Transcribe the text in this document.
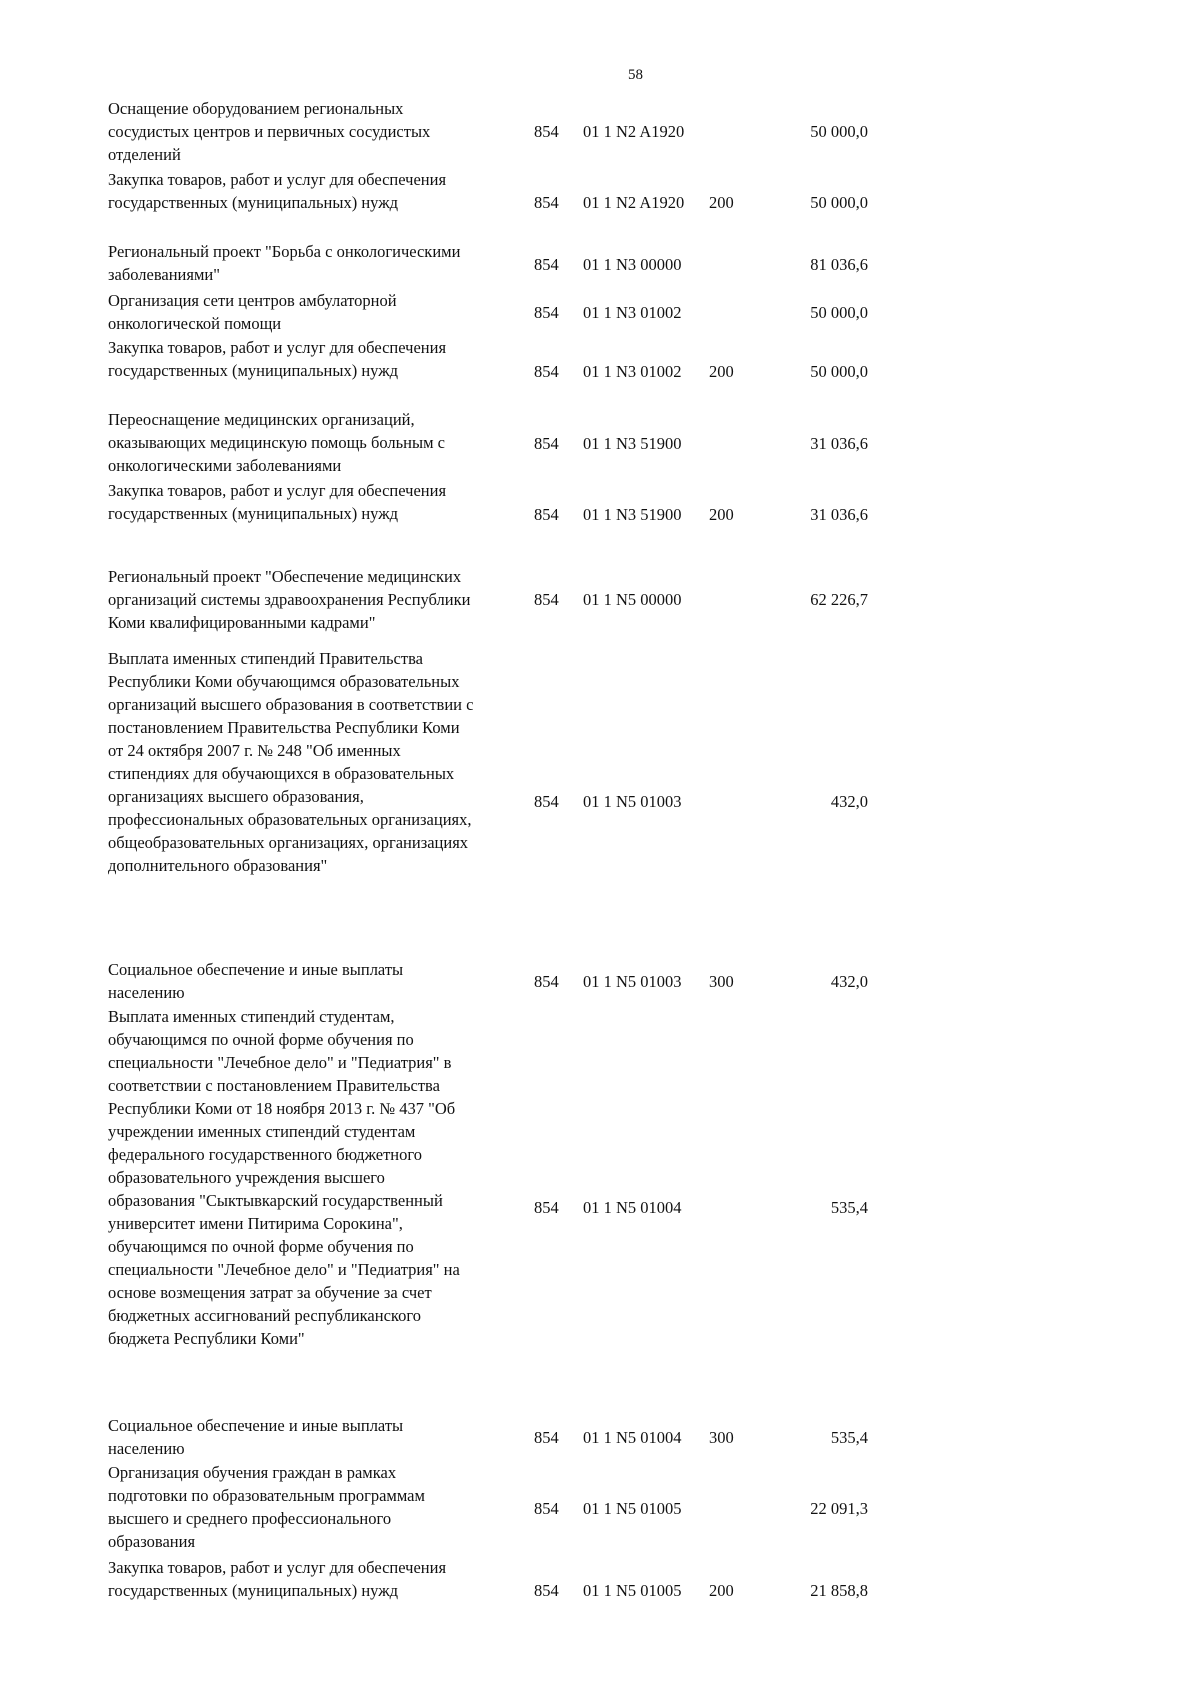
58
Оснащение оборудованием региональных
сосудистых центров и первичных сосудистых
отделений
854 01 1 N2 A1920	50 000,0
Закупка товаров, работ и услуг для обеспечения
государственных (муниципальных) нужд	854 01 1 N2 A1920 200	50 000,0
Региональный проект "Борьба с онкологическими
заболеваниями"
854 01 1 N3 00000	81 036,6
Организация сети центров амбулаторной
онкологической помощи
854 01 1 N3 01002	50 000,0
Закупка товаров, работ и услуг для обеспечения
государственных (муниципальных) нужд	854 01 1 N3 01002 200	50 000,0
Переоснащение медицинских организаций,
оказывающих медицинскую помощь больным с
онкологическими заболеваниями
854 01 1 N3 51900	31 036,6
Закупка товаров, работ и услуг для обеспечения
государственных (муниципальных) нужд	854 01 1 N3 51900 200	31 036,6
Региональный проект "Обеспечение медицинских
организаций системы здравоохранения Республики
Коми квалифицированными кадрами"
854 01 1 N5 00000	62 226,7
Выплата именных стипендий Правительства
Республики Коми обучающимся образовательных
организаций высшего образования в соответствии с
постановлением Правительства Республики Коми
от 24 октября 2007 г. № 248 "Об именных
стипендиях для обучающихся в образовательных
организациях высшего образования,
профессиональных образовательных организациях,
общеобразовательных организациях, организациях
дополнительного образования"
854 01 1 N5 01003	432,0
Социальное обеспечение и иные выплаты
населению
854 01 1 N5 01003 300	432,0
Выплата именных стипендий студентам,
обучающимся по очной форме обучения по
специальности "Лечебное дело" и "Педиатрия" в
соответствии с постановлением Правительства
Республики Коми от 18 ноября 2013 г. № 437 "Об
учреждении именных стипендий студентам
федерального государственного бюджетного
образовательного учреждения высшего
образования "Сыктывкарский государственный
университет имени Питирима Сорокина",
обучающимся по очной форме обучения по
специальности "Лечебное дело" и "Педиатрия" на
основе возмещения затрат за обучение за счет
бюджетных ассигнований республиканского
бюджета Республики Коми"
854 01 1 N5 01004	535,4
Социальное обеспечение и иные выплаты
населению
854 01 1 N5 01004 300	535,4
Организация обучения граждан в рамках
подготовки по образовательным программам
высшего и среднего профессионального
образования
854 01 1 N5 01005	22 091,3
Закупка товаров, работ и услуг для обеспечения
государственных (муниципальных) нужд	854 01 1 N5 01005 200	21 858,8
